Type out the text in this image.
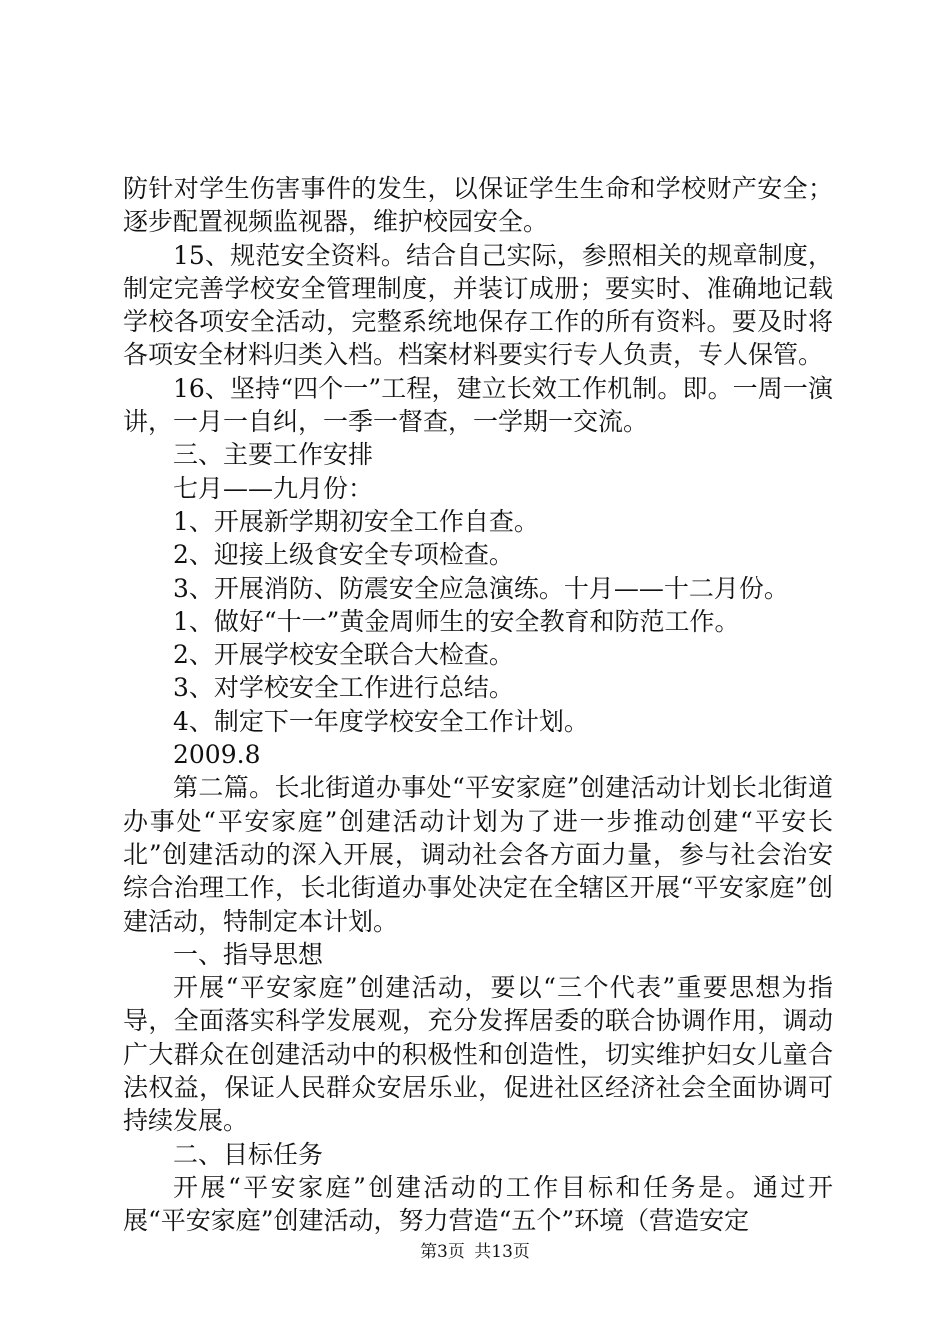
防针对学生伤害事件的发生，以保证学生生命和学校财产安全；逐步配置视频监视器，维护校园安全。

15、规范安全资料。结合自己实际，参照相关的规章制度，制定完善学校安全管理制度，并装订成册；要实时、准确地记载学校各项安全活动，完整系统地保存工作的所有资料。要及时将各项安全材料归类入档。档案材料要实行专人负责，专人保管。

16、坚持“四个一”工程，建立长效工作机制。即。一周一演讲，一月一自纠，一季一督查，一学期一交流。

三、主要工作安排

七月——九月份：

1、开展新学期初安全工作自查。

2、迎接上级食安全专项检查。

3、开展消防、防震安全应急演练。十月——十二月份。

1、做好“十一”黄金周师生的安全教育和防范工作。

2、开展学校安全联合大检查。

3、对学校安全工作进行总结。

4、制定下一年度学校安全工作计划。

2009.8

第二篇。长北街道办事处“平安家庭”创建活动计划长北街道办事处“平安家庭”创建活动计划为了进一步推动创建“平安长北”创建活动的深入开展，调动社会各方面力量，参与社会治安综合治理工作，长北街道办事处决定在全辖区开展“平安家庭”创建活动，特制定本计划。

一、指导思想

开展“平安家庭”创建活动，要以“三个代表”重要思想为指导，全面落实科学发展观，充分发挥居委的联合协调作用，调动广大群众在创建活动中的积极性和创造性，切实维护妇女儿童合法权益，保证人民群众安居乐业，促进社区经济社会全面协调可持续发展。

二、目标任务

开展“平安家庭”创建活动的工作目标和任务是。通过开展“平安家庭”创建活动，努力营造“五个”环境（营造安定

第3页 共13页
